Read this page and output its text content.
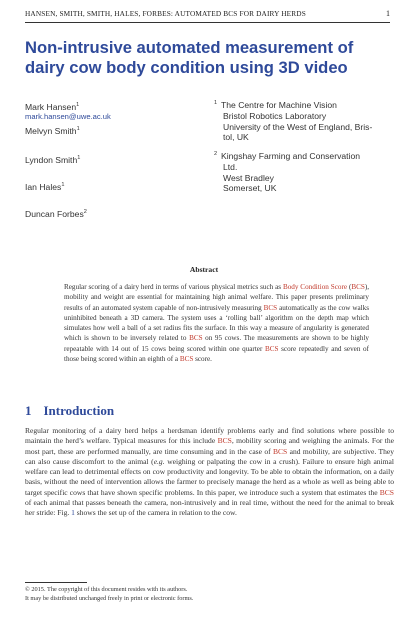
HANSEN, SMITH, SMITH, HALES, FORBES: AUTOMATED BCS FOR DAIRY HERDS	1
Non-intrusive automated measurement of dairy cow body condition using 3D video
Mark Hansen$^1$
mark.hansen@uwe.ac.uk
Melvyn Smith$^1$
Lyndon Smith$^1$
Ian Hales$^1$
Duncan Forbes$^2$
1 The Centre for Machine Vision
Bristol Robotics Laboratory
University of the West of England, Bris-
tol, UK
2 Kingshay Farming and Conservation
Ltd.
West Bradley
Somerset, UK
Abstract
Regular scoring of a dairy herd in terms of various physical metrics such as Body Condition Score (BCS), mobility and weight are essential for maintaining high animal welfare. This paper presents preliminary results of an automated system capable of non-intrusively measuring BCS automatically as the cow walks uninhibited beneath a 3D camera. The system uses a ‘rolling ball’ algorithm on the depth map which simulates how well a ball of a set radius fits the surface. In this way a measure of angularity is generated which is shown to be inversely related to BCS on 95 cows. The measurements are shown to be highly repeatable with 14 out of 15 cows being scored within one quarter BCS score repeatedly and seven of those being scored within an eighth of a BCS score.
1 Introduction
Regular monitoring of a dairy herd helps a herdsman identify problems early and find solutions where possible to maintain the herd’s welfare. Typical measures for this include BCS, mobility scoring and weighing the animals. For the most part, these are performed manually, are time consuming and in the case of BCS and mobility, are subjective. They can also cause discomfort to the animal (e.g. weighing or palpating the cow in a crush). Failure to ensure high animal welfare can lead to detrimental effects on cow productivity and longevity. To be able to obtain the information, on a daily basis, without the need of intervention allows the farmer to precisely manage the herd as a whole as well as being able to target specific cows that have shown specific problems. In this paper, we introduce such a system that estimates the BCS of each animal that passes beneath the camera, non-intrusively and in real time, without the need for the animal to break her stride: Fig. 1 shows the set up of the camera in relation to the cow.
© 2015. The copyright of this document resides with its authors.
It may be distributed unchanged freely in print or electronic forms.
